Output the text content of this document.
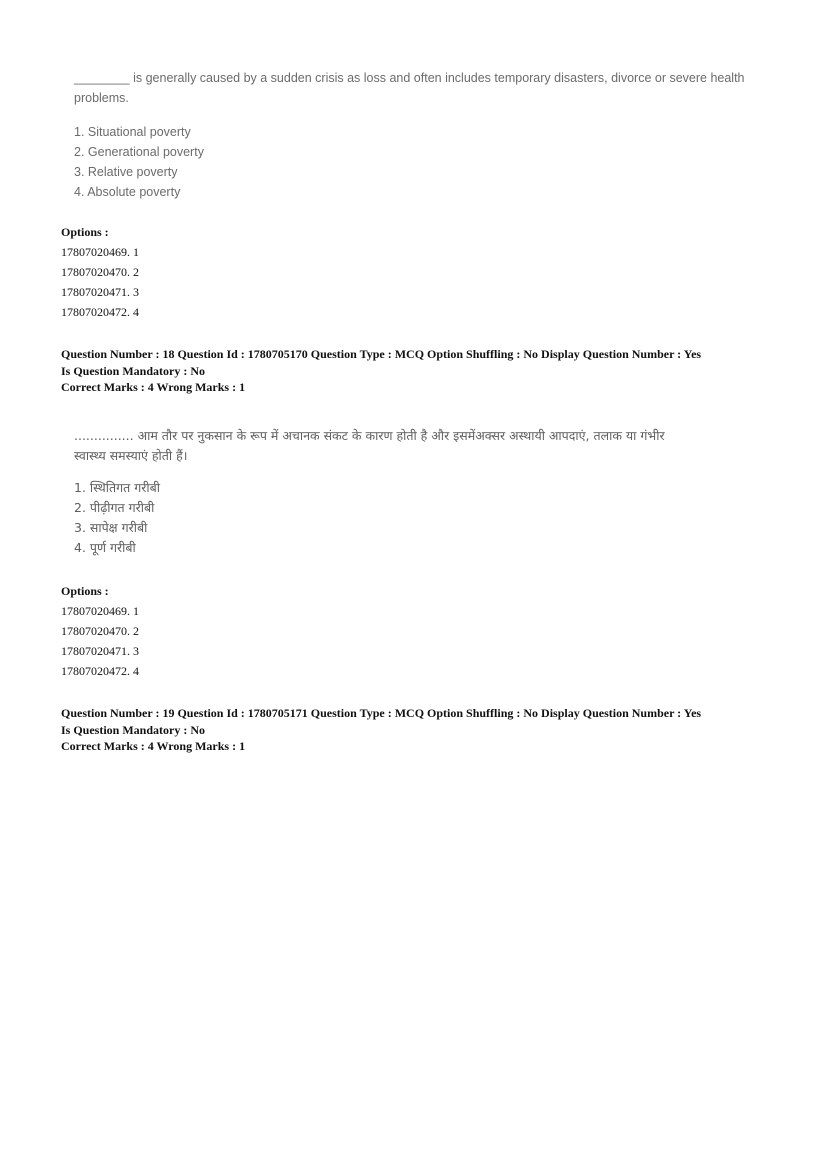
________ is generally caused by a sudden crisis as loss and often includes temporary disasters, divorce or severe health problems.

1. Situational poverty
2. Generational poverty
3. Relative poverty
4. Absolute poverty
Options :
17807020469. 1
17807020470. 2
17807020471. 3
17807020472. 4
Question Number : 18 Question Id : 1780705170 Question Type : MCQ Option Shuffling : No Display Question Number : Yes
Is Question Mandatory : No
Correct Marks : 4 Wrong Marks : 1

............... आम तौर पर नुकसान के रूप में अचानक संकट के कारण होती है और इसमेंअक्सर अस्थायी आपदाएं, तलाक या गंभीर

स्वास्थ्य समस्याएं होती हैं।

1. स्थितिगत गरीबी
2. पीढ़ीगत गरीबी
3. सापेक्ष गरीबी
4. पूर्ण गरीबी
Options :
17807020469. 1
17807020470. 2
17807020471. 3
17807020472. 4
Question Number : 19 Question Id : 1780705171 Question Type : MCQ Option Shuffling : No Display Question Number : Yes
Is Question Mandatory : No
Correct Marks : 4 Wrong Marks : 1
